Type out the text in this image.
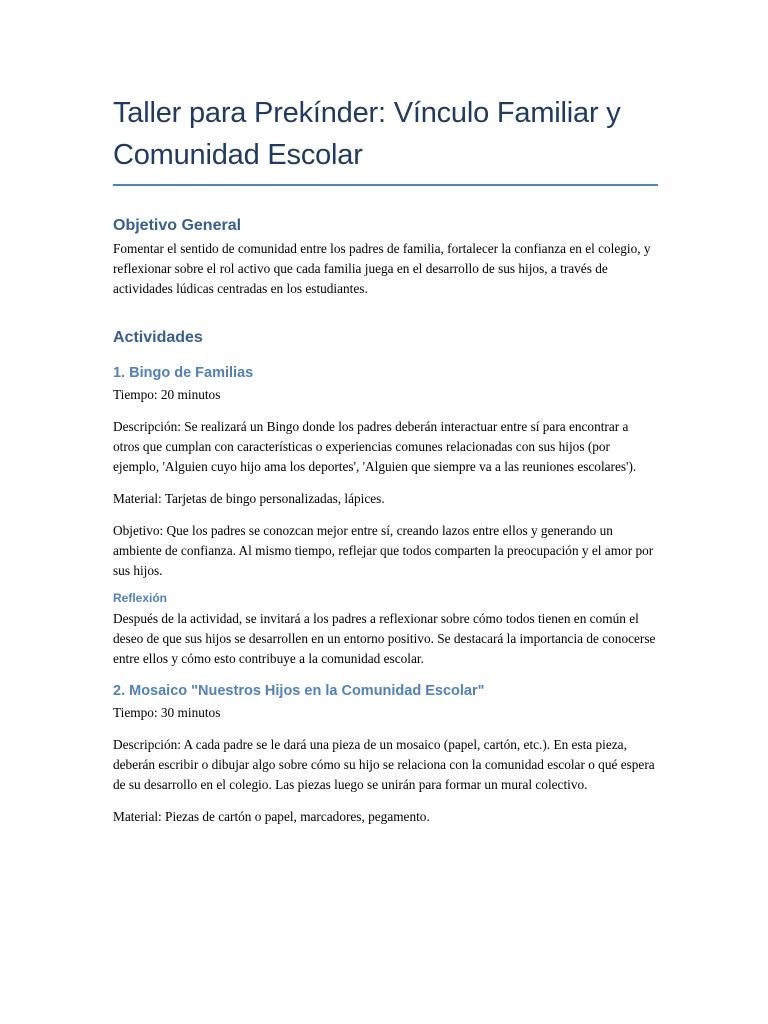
Taller para Prekínder: Vínculo Familiar y Comunidad Escolar
Objetivo General

Fomentar el sentido de comunidad entre los padres de familia, fortalecer la confianza en el colegio, y reflexionar sobre el rol activo que cada familia juega en el desarrollo de sus hijos, a través de actividades lúdicas centradas en los estudiantes.

Actividades
1. Bingo de Familias

Tiempo: 20 minutos

Descripción: Se realizará un Bingo donde los padres deberán interactuar entre sí para encontrar a otros que cumplan con características o experiencias comunes relacionadas con sus hijos (por ejemplo, 'Alguien cuyo hijo ama los deportes', 'Alguien que siempre va a las reuniones escolares').

Material: Tarjetas de bingo personalizadas, lápices.

Objetivo: Que los padres se conozcan mejor entre sí, creando lazos entre ellos y generando un ambiente de confianza. Al mismo tiempo, reflejar que todos comparten la preocupación y el amor por sus hijos.

Reflexión

Después de la actividad, se invitará a los padres a reflexionar sobre cómo todos tienen en común el deseo de que sus hijos se desarrollen en un entorno positivo. Se destacará la importancia de conocerse entre ellos y cómo esto contribuye a la comunidad escolar.

2. Mosaico "Nuestros Hijos en la Comunidad Escolar"

Tiempo: 30 minutos

Descripción: A cada padre se le dará una pieza de un mosaico (papel, cartón, etc.). En esta pieza, deberán escribir o dibujar algo sobre cómo su hijo se relaciona con la comunidad escolar o qué espera de su desarrollo en el colegio. Las piezas luego se unirán para formar un mural colectivo.

Material: Piezas de cartón o papel, marcadores, pegamento.
